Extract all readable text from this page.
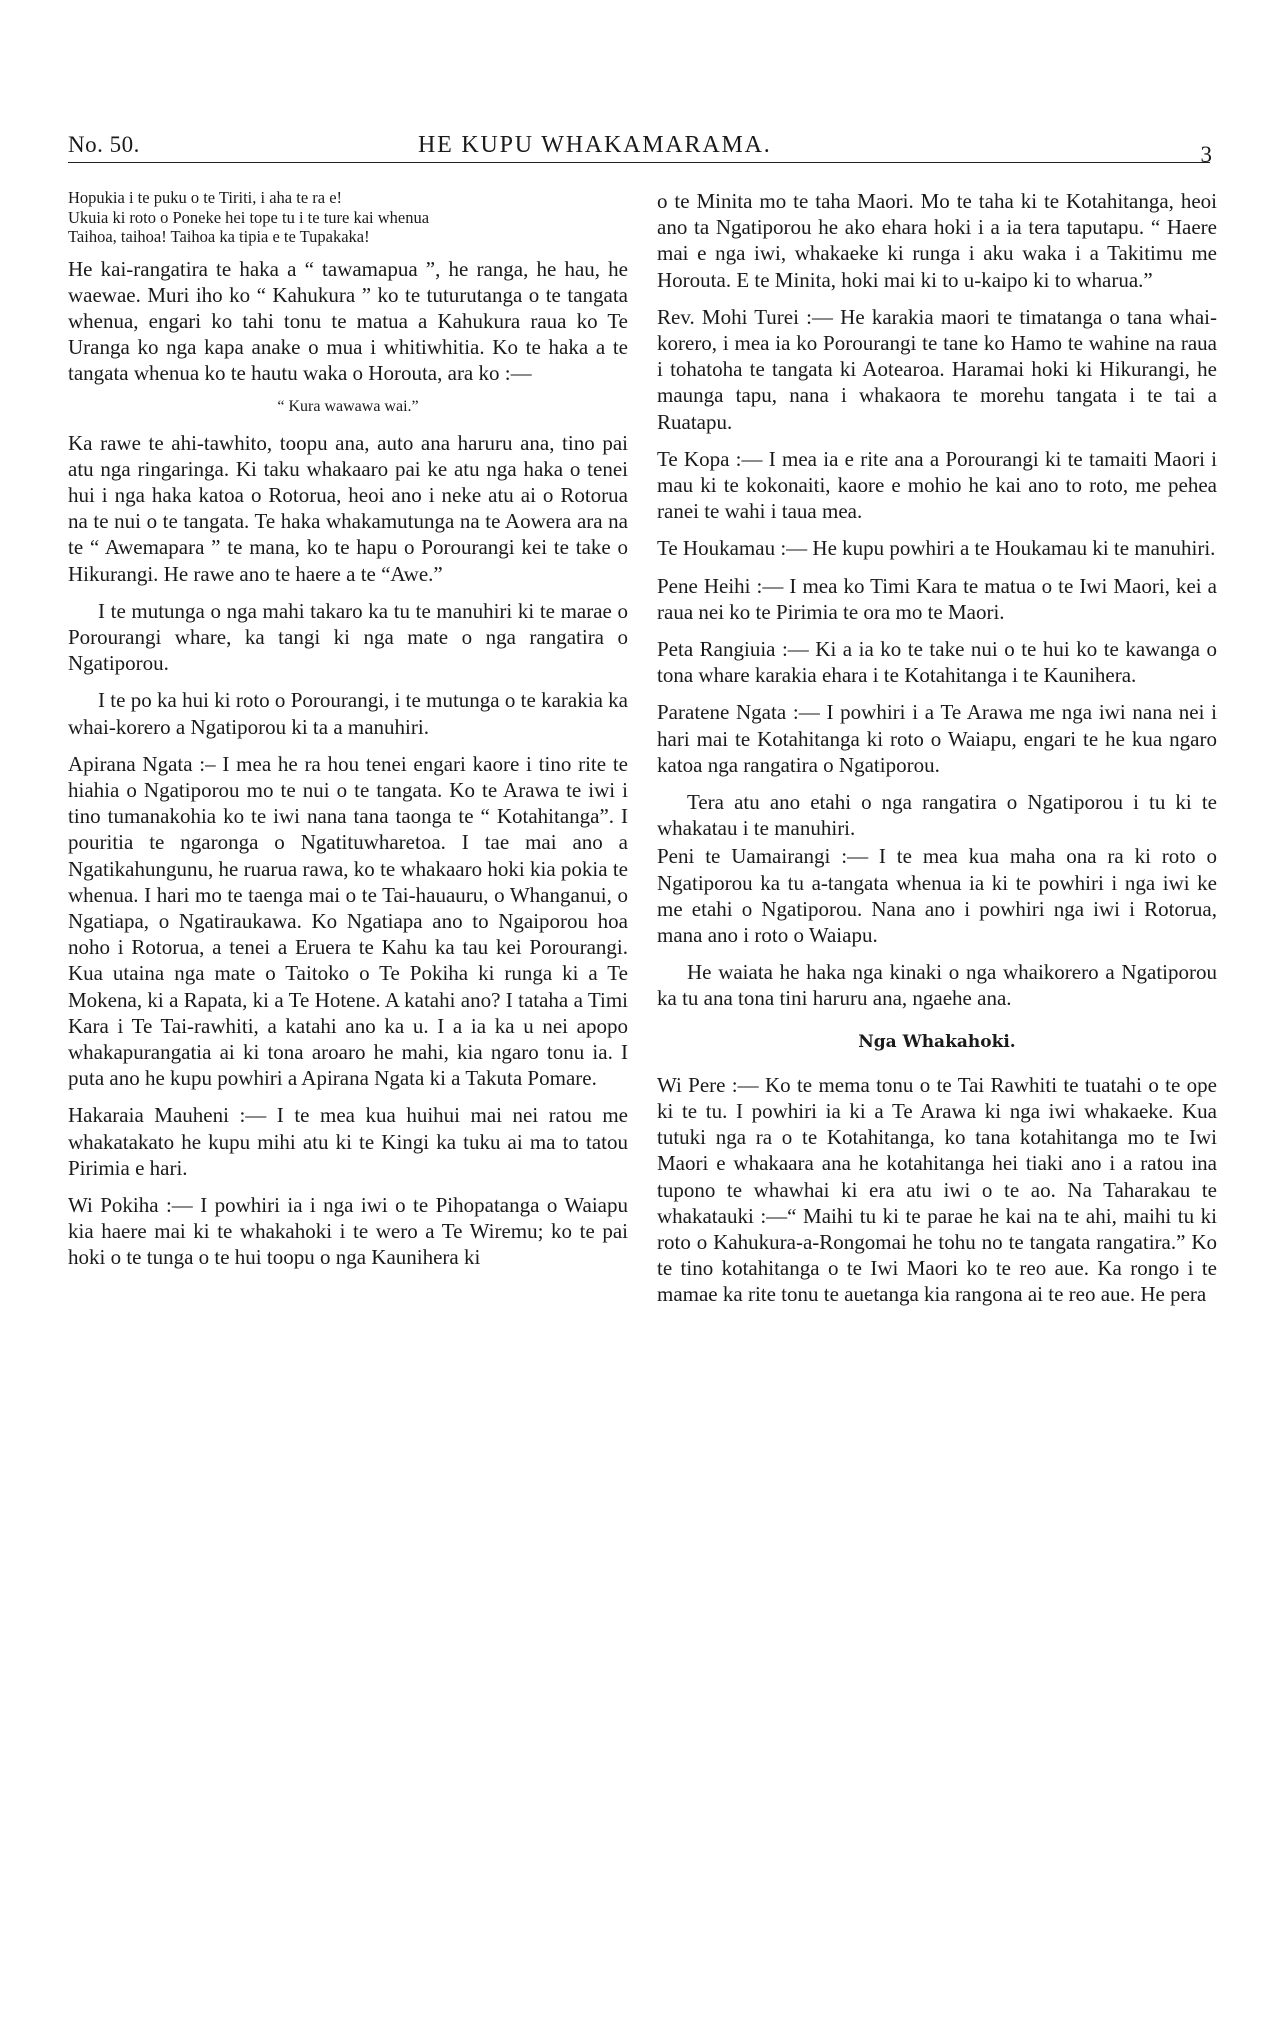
No. 50.	HE KUPU WHAKAMARAMA.	3
Hopukia i te puku o te Tiriti, i aha te ra e!
Ukuia ki roto o Poneke hei tope tu i te ture kai whenua
Taihoa, taihoa! Taihoa ka tipia e te Tupakaka!

He kai-rangatira te haka a “ tawamapua ”, he ranga, he hau, he waewae. Muri iho ko “ Kahukura ” ko te tuturutanga o te tangata whenua, engari ko tahi tonu te matua a Kahukura raua ko Te Uranga ko nga kapa anake o mua i whitiwhitia. Ko te haka a te tangata whenua ko te hautu waka o Horouta, ara ko :—

“ Kura wawawa wai.”

Ka rawe te ahi-tawhito, toopu ana, auto ana haruru ana, tino pai atu nga ringaringa. Ki taku whakaaro pai ke atu nga haka o tenei hui i nga haka katoa o Rotorua, heoi ano i neke atu ai o Rotorua na te nui o te tangata. Te haka whakamutunga na te Aowera ara na te “ Awemapara ” te mana, ko te hapu o Porourangi kei te take o Hikurangi. He rawe ano te haere a te “Awe.”

I te mutunga o nga mahi takaro ka tu te manuhiri ki te marae o Porourangi whare, ka tangi ki nga mate o nga rangatira o Ngatiporou.

I te po ka hui ki roto o Porourangi, i te mutunga o te karakia ka whai-korero a Ngatiporou ki ta a manuhiri.

Apirana Ngata :– I mea he ra hou tenei engari kaore i tino rite te hiahia o Ngatiporou mo te nui o te tangata. Ko te Arawa te iwi i tino tumanakohia ko te iwi nana tana taonga te “ Kotahitanga”. I pouritia te ngaronga o Ngatituwharetoa. I tae mai ano a Ngatikahungunu, he ruarua rawa, ko te whakaaro hoki kia pokia te whenua. I hari mo te taenga mai o te Tai-hauauru, o Whanganui, o Ngatiapa, o Ngatiraukawa. Ko Ngatiapa ano to Ngaiporou hoa noho i Rotorua, a tenei a Eruera te Kahu ka tau kei Porourangi. Kua utaina nga mate o Taitoko o Te Pokiha ki runga ki a Te Mokena, ki a Rapata, ki a Te Hotene. A katahi ano? I tataha a Timi Kara i Te Tai-rawhiti, a katahi ano ka u. I a ia ka u nei apopo whakapurangatia ai ki tona aroaro he mahi, kia ngaro tonu ia. I puta ano he kupu powhiri a Apirana Ngata ki a Takuta Pomare.

Hakaraia Mauheni :— I te mea kua huihui mai nei ratou me whakatakato he kupu mihi atu ki te Kingi ka tuku ai ma to tatou Pirimia e hari.

Wi Pokiha :— I powhiri ia i nga iwi o te Pihopatanga o Waiapu kia haere mai ki te whakahoki i te wero a Te Wiremu; ko te pai hoki o te tunga o te hui toopu o nga Kaunihera ki

o te Minita mo te taha Maori. Mo te taha ki te Kotahitanga, heoi ano ta Ngatiporou he ako ehara hoki i a ia tera taputapu. “ Haere mai e nga iwi, whakaeke ki runga i aku waka i a Takitimu me Horouta. E te Minita, hoki mai ki to u-kaipo ki to wharua.”

Rev. Mohi Turei :— He karakia maori te timatanga o tana whai-korero, i mea ia ko Porourangi te tane ko Hamo te wahine na raua i tohatoha te tangata ki Aotearoa. Haramai hoki ki Hikurangi, he maunga tapu, nana i whakaora te morehu tangata i te tai a Ruatapu.

Te Kopa :— I mea ia e rite ana a Porourangi ki te tamaiti Maori i mau ki te kokonaiti, kaore e mohio he kai ano to roto, me pehea ranei te wahi i taua mea.

Te Houkamau :— He kupu powhiri a te Houkamau ki te manuhiri.

Pene Heihi :— I mea ko Timi Kara te matua o te Iwi Maori, kei a raua nei ko te Pirimia te ora mo te Maori.

Peta Rangiuia :— Ki a ia ko te take nui o te hui ko te kawanga o tona whare karakia ehara i te Kotahitanga i te Kaunihera.

Paratene Ngata :— I powhiri i a Te Arawa me nga iwi nana nei i hari mai te Kotahitanga ki roto o Waiapu, engari te he kua ngaro katoa nga rangatira o Ngatiporou.

Tera atu ano etahi o nga rangatira o Ngatiporou i tu ki te whakatau i te manuhiri.

Peni te Uamairangi :— I te mea kua maha ona ra ki roto o Ngatiporou ka tu a-tangata whenua ia ki te powhiri i nga iwi ke me etahi o Ngatiporou. Nana ano i powhiri nga iwi i Rotorua, mana ano i roto o Waiapu.

He waiata he haka nga kinaki o nga whaikorero a Ngatiporou ka tu ana tona tini haruru ana, ngaehe ana.

Nga Whakahoki.

Wi Pere :— Ko te mema tonu o te Tai Rawhiti te tuatahi o te ope ki te tu. I powhiri ia ki a Te Arawa ki nga iwi whakaeke. Kua tutuki nga ra o te Kotahitanga, ko tana kotahitanga mo te Iwi Maori e whakaara ana he kotahitanga hei tiaki ano i a ratou ina tupono te whawhai ki era atu iwi o te ao. Na Taharakau te whakatauki :—“ Maihi tu ki te parae he kai na te ahi, maihi tu ki roto o Kahukura-a-Rongomai he tohu no te tangata rangatira.” Ko te tino kotahitanga o te Iwi Maori ko te reo aue. Ka rongo i te mamae ka rite tonu te auetanga kia rangona ai te reo aue. He pera
